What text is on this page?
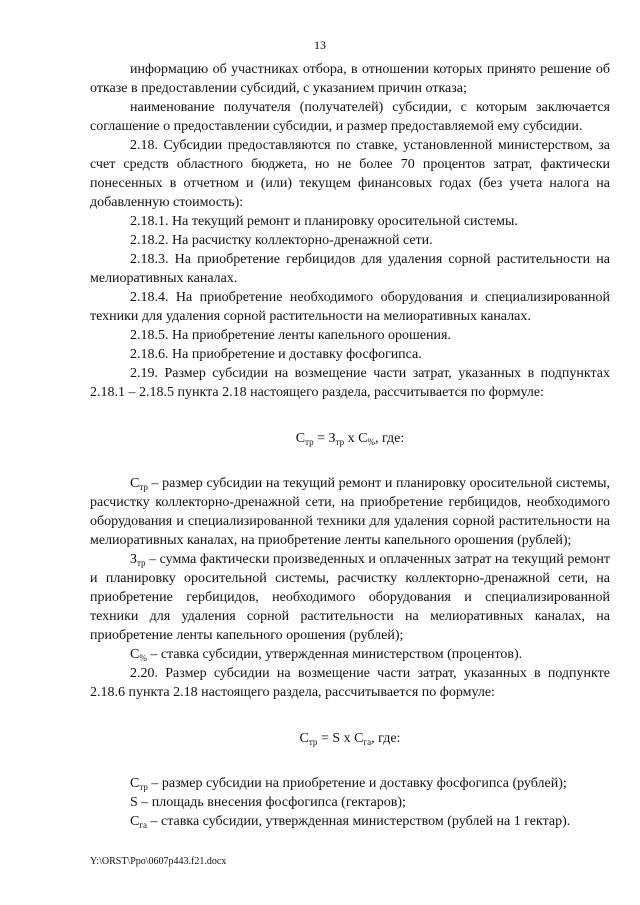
13

информацию об участниках отбора, в отношении которых принято решение об отказе в предоставлении субсидий, с указанием причин отказа;

наименование получателя (получателей) субсидии, с которым заключается соглашение о предоставлении субсидии, и размер предоставляемой ему субсидии.

2.18. Субсидии предоставляются по ставке, установленной министерством, за счет средств областного бюджета, но не более 70 процентов затрат, фактически понесенных в отчетном и (или) текущем финансовых годах (без учета налога на добавленную стоимость):

2.18.1. На текущий ремонт и планировку оросительной системы.

2.18.2. На расчистку коллекторно-дренажной сети.

2.18.3. На приобретение гербицидов для удаления сорной растительности на мелиоративных каналах.

2.18.4. На приобретение необходимого оборудования и специализированной техники для удаления сорной растительности на мелиоративных каналах.

2.18.5. На приобретение ленты капельного орошения.

2.18.6. На приобретение и доставку фосфогипса.

2.19. Размер субсидии на возмещение части затрат, указанных в подпунктах 2.18.1 – 2.18.5 пункта 2.18 настоящего раздела, рассчитывается по формуле:

$С_{тр} = З_{тр}$ х $С_{\%}$, где:

$С_{тр}$ – размер субсидии на текущий ремонт и планировку оросительной системы, расчистку коллекторно-дренажной сети, на приобретение гербицидов, необходимого оборудования и специализированной техники для удаления сорной растительности на мелиоративных каналах, на приобретение ленты капельного орошения (рублей);

$З_{тр}$ – сумма фактически произведенных и оплаченных затрат на текущий ремонт и планировку оросительной системы, расчистку коллекторно-дренажной сети, на приобретение гербицидов, необходимого оборудования и специализированной техники для удаления сорной растительности на мелиоративных каналах, на приобретение ленты капельного орошения (рублей);

$С_{\%}$ – ставка субсидии, утвержденная министерством (процентов).

2.20. Размер субсидии на возмещение части затрат, указанных в подпункте 2.18.6 пункта 2.18 настоящего раздела, рассчитывается по формуле:

$С_{тр} = S$ х $С_{га}$, где:

$С_{тр}$ – размер субсидии на приобретение и доставку фосфогипса (рублей);

S – площадь внесения фосфогипса (гектаров);

$С_{га}$ – ставка субсидии, утвержденная министерством (рублей на 1 гектар).

Y:\ORST\Ppo\0607p443.f21.docx
